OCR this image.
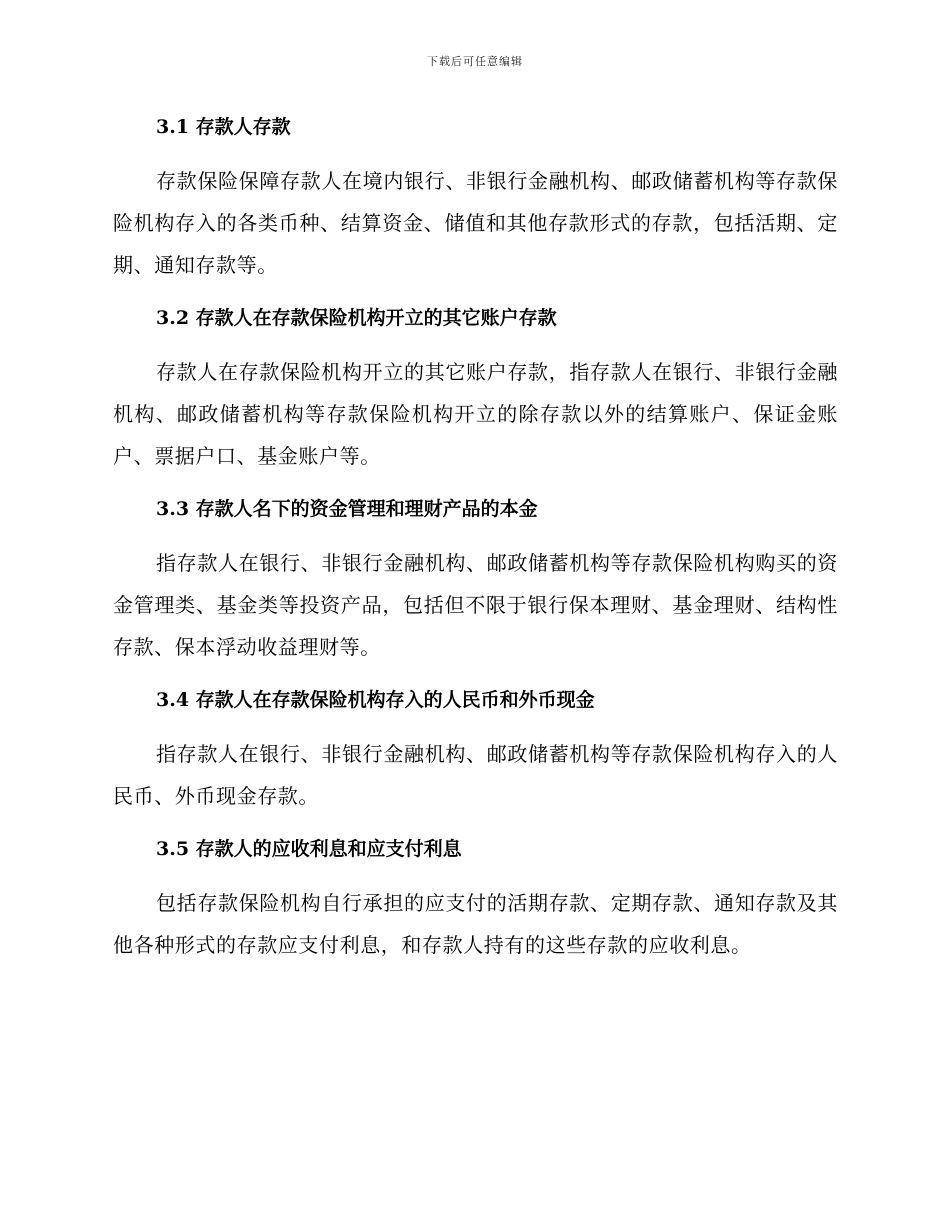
下载后可任意编辑
3.1 存款人存款

存款保险保障存款人在境内银行、非银行金融机构、邮政储蓄机构等存款保险机构存入的各类币种、结算资金、储值和其他存款形式的存款，包括活期、定期、通知存款等。

3.2 存款人在存款保险机构开立的其它账户存款

存款人在存款保险机构开立的其它账户存款，指存款人在银行、非银行金融机构、邮政储蓄机构等存款保险机构开立的除存款以外的结算账户、保证金账户、票据户口、基金账户等。

3.3 存款人名下的资金管理和理财产品的本金

指存款人在银行、非银行金融机构、邮政储蓄机构等存款保险机构购买的资金管理类、基金类等投资产品，包括但不限于银行保本理财、基金理财、结构性存款、保本浮动收益理财等。

3.4 存款人在存款保险机构存入的人民币和外币现金

指存款人在银行、非银行金融机构、邮政储蓄机构等存款保险机构存入的人民币、外币现金存款。

3.5 存款人的应收利息和应支付利息

包括存款保险机构自行承担的应支付的活期存款、定期存款、通知存款及其他各种形式的存款应支付利息，和存款人持有的这些存款的应收利息。
